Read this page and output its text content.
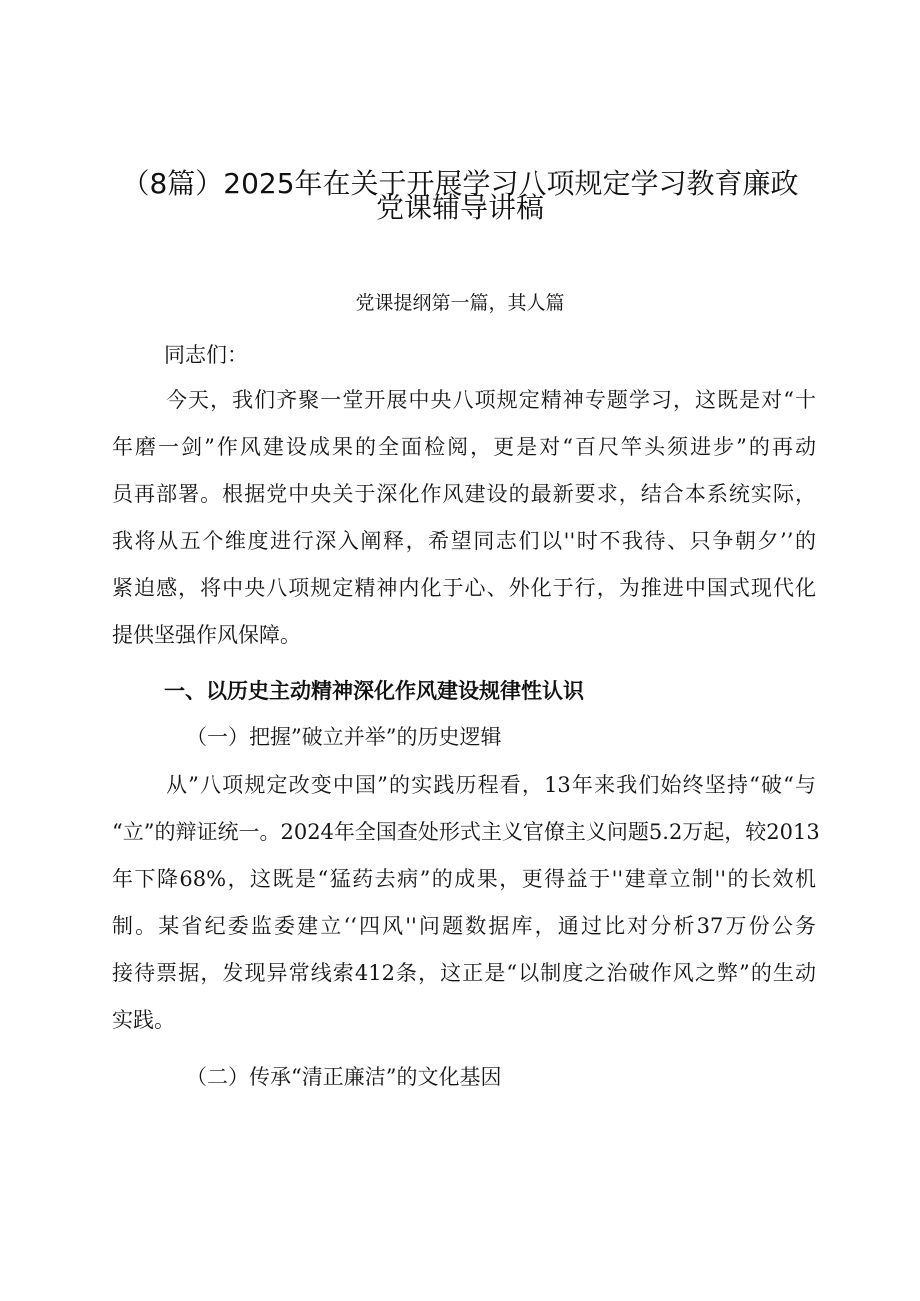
（8篇）2025年在关于开展学习八项规定学习教育廉政
党课辅导讲稿
党课提纲第一篇，其人篇
同志们：
今天，我们齐聚一堂开展中央八项规定精神专题学习，这既是对“十
年磨一剑”作风建设成果的全面检阅，更是对“百尺竿头须进步”的再动
员再部署。根据党中央关于深化作风建设的最新要求，结合本系统实际，
我将从五个维度进行深入阐释，希望同志们以''时不我待、只争朝夕’’的
紧迫感，将中央八项规定精神内化于心、外化于行，为推进中国式现代化
提供坚强作风保障。
一、以历史主动精神深化作风建设规律性认识
（一）把握”破立并举”的历史逻辑
从”八项规定改变中国”的实践历程看，13年来我们始终坚持“破“与
“立”的辩证统一。2024年全国查处形式主义官僚主义问题5.2万起，较2013
年下降68%，这既是“猛药去病”的成果，更得益于''建章立制''的长效机
制。某省纪委监委建立‘‘四风''问题数据库，通过比对分析37万份公务
接待票据，发现异常线索412条，这正是“以制度之治破作风之弊”的生动
实践。
（二）传承“清正廉洁”的文化基因
